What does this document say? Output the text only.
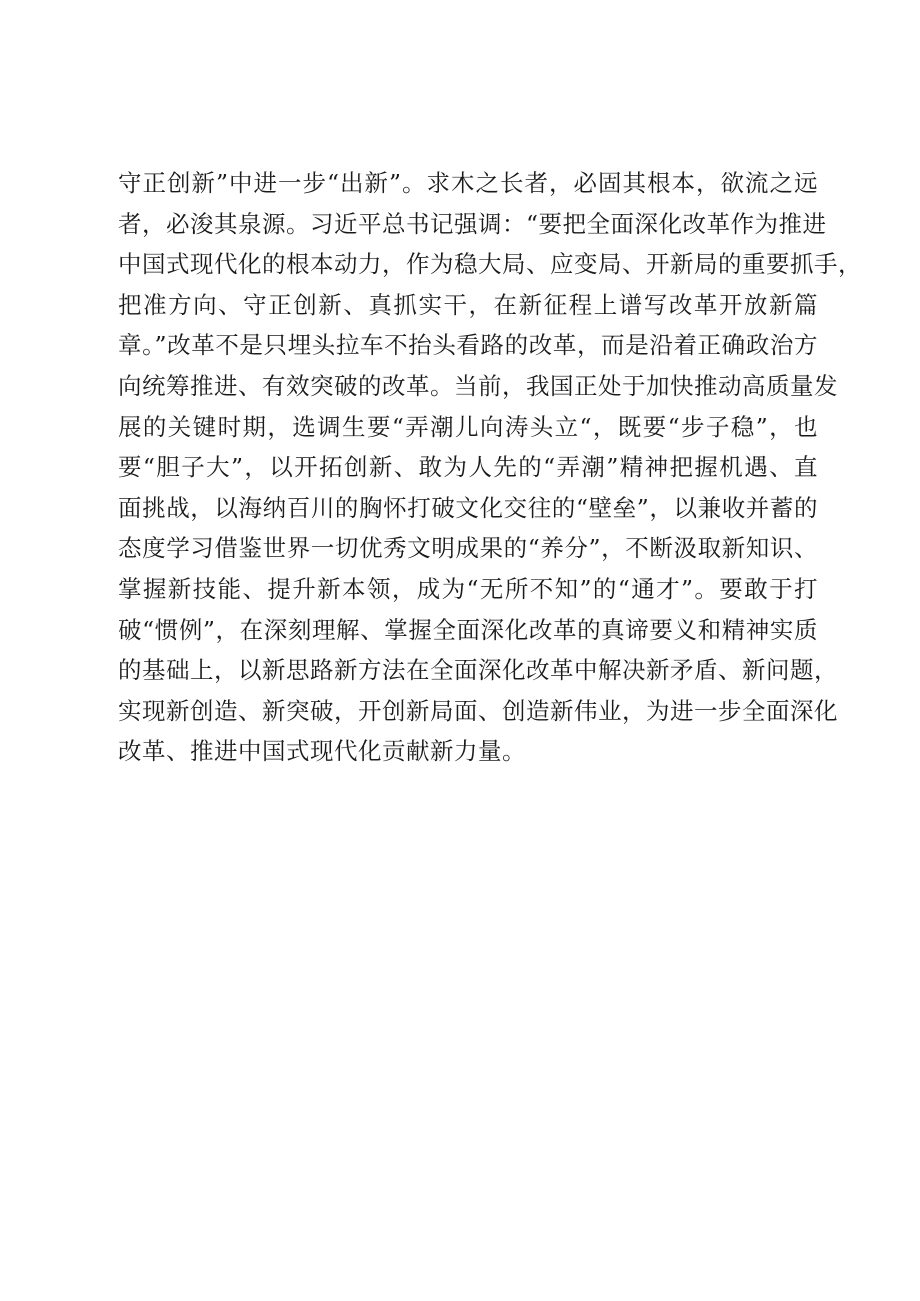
守正创新”中进一步“出新”。求木之长者，必固其根本，欲流之远
者，必浚其泉源。习近平总书记强调：“要把全面深化改革作为推进
中国式现代化的根本动力，作为稳大局、应变局、开新局的重要抓手，
把准方向、守正创新、真抓实干，在新征程上谱写改革开放新篇
章。”改革不是只埋头拉车不抬头看路的改革，而是沿着正确政治方
向统筹推进、有效突破的改革。当前，我国正处于加快推动高质量发
展的关键时期，选调生要“弄潮儿向涛头立“，既要“步子稳”，也
要“胆子大”，以开拓创新、敢为人先的“弄潮”精神把握机遇、直
面挑战，以海纳百川的胸怀打破文化交往的“壁垒”，以兼收并蓄的
态度学习借鉴世界一切优秀文明成果的“养分”，不断汲取新知识、
掌握新技能、提升新本领，成为“无所不知”的“通才”。要敢于打
破“惯例”，在深刻理解、掌握全面深化改革的真谛要义和精神实质
的基础上，以新思路新方法在全面深化改革中解决新矛盾、新问题，
实现新创造、新突破，开创新局面、创造新伟业，为进一步全面深化
改革、推进中国式现代化贡献新力量。
